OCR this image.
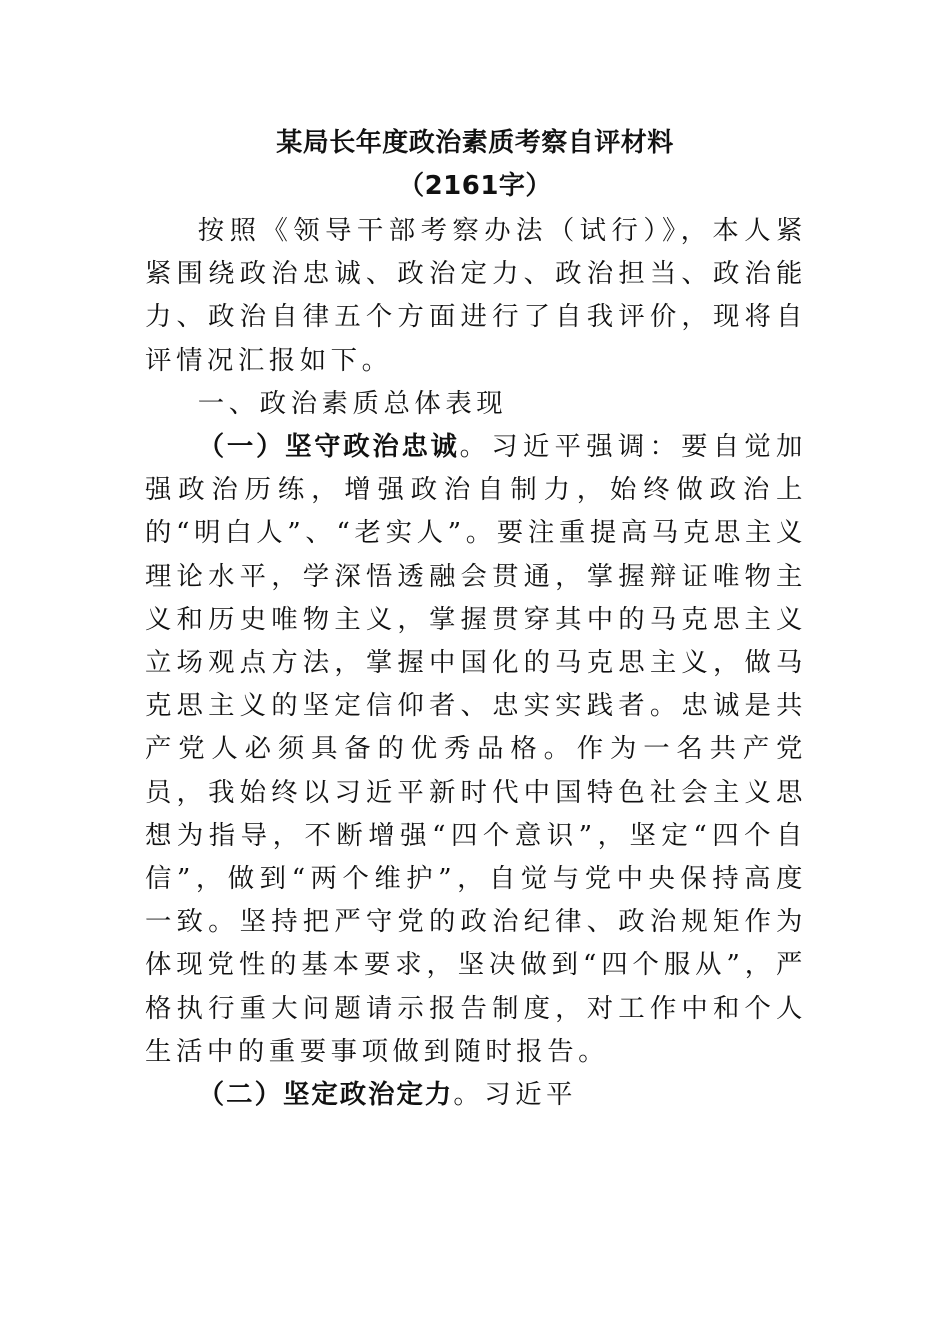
某局长年度政治素质考察自评材料
（2161字）

按照《领导干部考察办法（试行）》，本人紧紧围绕政治忠诚、政治定力、政治担当、政治能力、政治自律五个方面进行了自我评价，现将自评情况汇报如下。

一、政治素质总体表现

（一）坚守政治忠诚。习近平强调：要自觉加强政治历练，增强政治自制力，始终做政治上的“明白人”、“老实人”。要注重提高马克思主义理论水平，学深悟透融会贯通，掌握辩证唯物主义和历史唯物主义，掌握贯穿其中的马克思主义立场观点方法，掌握中国化的马克思主义，做马克思主义的坚定信仰者、忠实实践者。忠诚是共产党人必须具备的优秀品格。作为一名共产党员，我始终以习近平新时代中国特色社会主义思想为指导，不断增强“四个意识”，坚定“四个自信”，做到“两个维护”，自觉与党中央保持高度一致。坚持把严守党的政治纪律、政治规矩作为体现党性的基本要求，坚决做到“四个服从”，严格执行重大问题请示报告制度，对工作中和个人生活中的重要事项做到随时报告。

（二）坚定政治定力。习近平
